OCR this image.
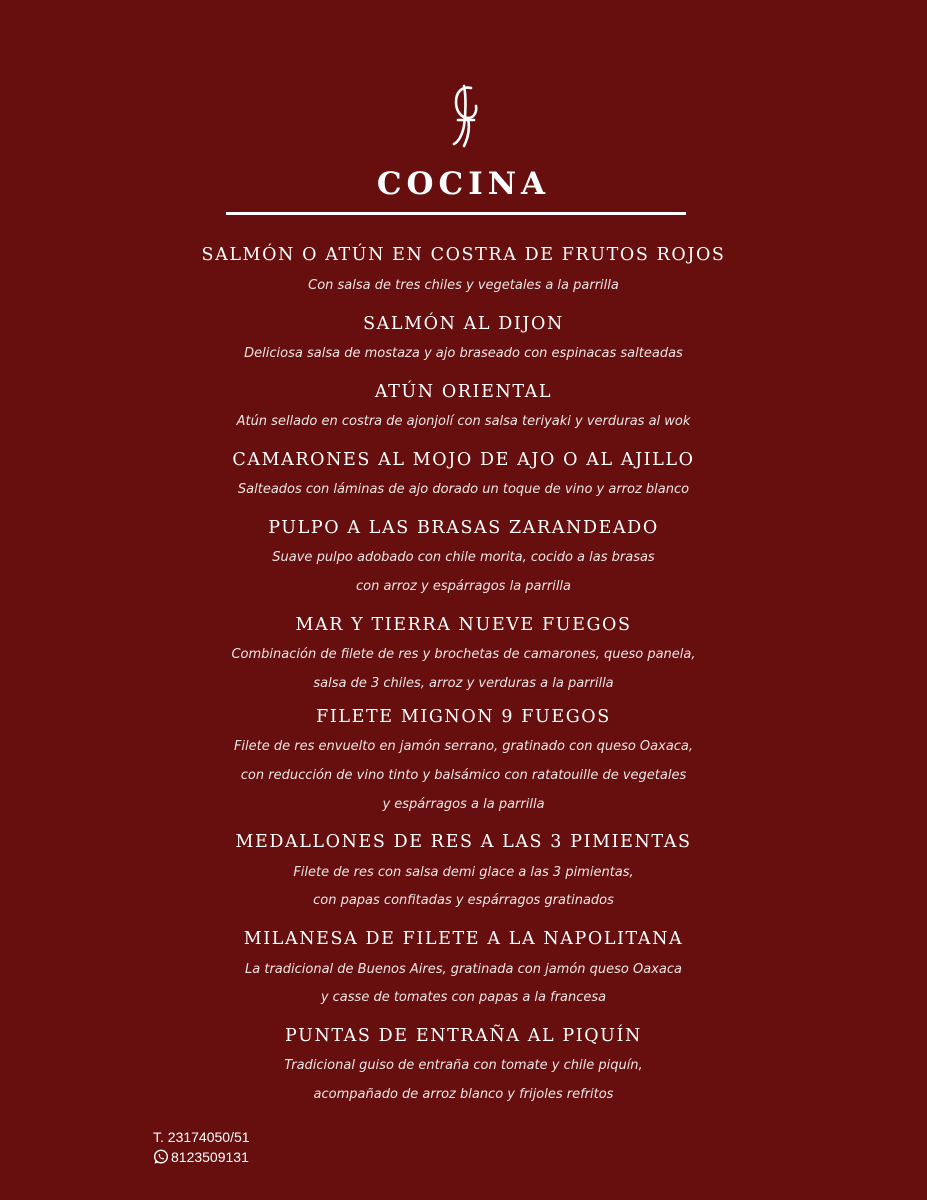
COCINA
SALMÓN O ATÚN EN COSTRA DE FRUTOS ROJOS
Con salsa de tres chiles y vegetales a la parrilla
SALMÓN AL DIJON
Deliciosa salsa de mostaza y ajo braseado con espinacas salteadas
ATÚN ORIENTAL
Atún sellado en costra de ajonjolí con salsa teriyaki y verduras al wok
CAMARONES AL MOJO DE AJO O AL AJILLO
Salteados con láminas de ajo dorado un toque de vino y arroz blanco
PULPO A LAS BRASAS ZARANDEADO
Suave pulpo adobado con chile morita, cocido a las brasas
con arroz y espárragos la parrilla
MAR Y TIERRA NUEVE FUEGOS
Combinación de filete de res y brochetas de camarones, queso panela,
salsa de 3 chiles, arroz y verduras a la parrilla
FILETE MIGNON 9 FUEGOS
Filete de res envuelto en jamón serrano, gratinado con queso Oaxaca,
con reducción de vino tinto y balsámico con ratatouille de vegetales
y espárragos a la parrilla
MEDALLONES DE RES A LAS 3 PIMIENTAS
Filete de res con salsa demi glace a las 3 pimientas,
con papas confitadas y espárragos gratinados
MILANESA DE FILETE A LA NAPOLITANA
La tradicional de Buenos Aires, gratinada con jamón queso Oaxaca
y casse de tomates con papas a la francesa
PUNTAS DE ENTRAÑA AL PIQUÍN
Tradicional guiso de entraña con tomate y chile piquín,
acompañado de arroz blanco y frijoles refritos
T. 23174050/51
8123509131
